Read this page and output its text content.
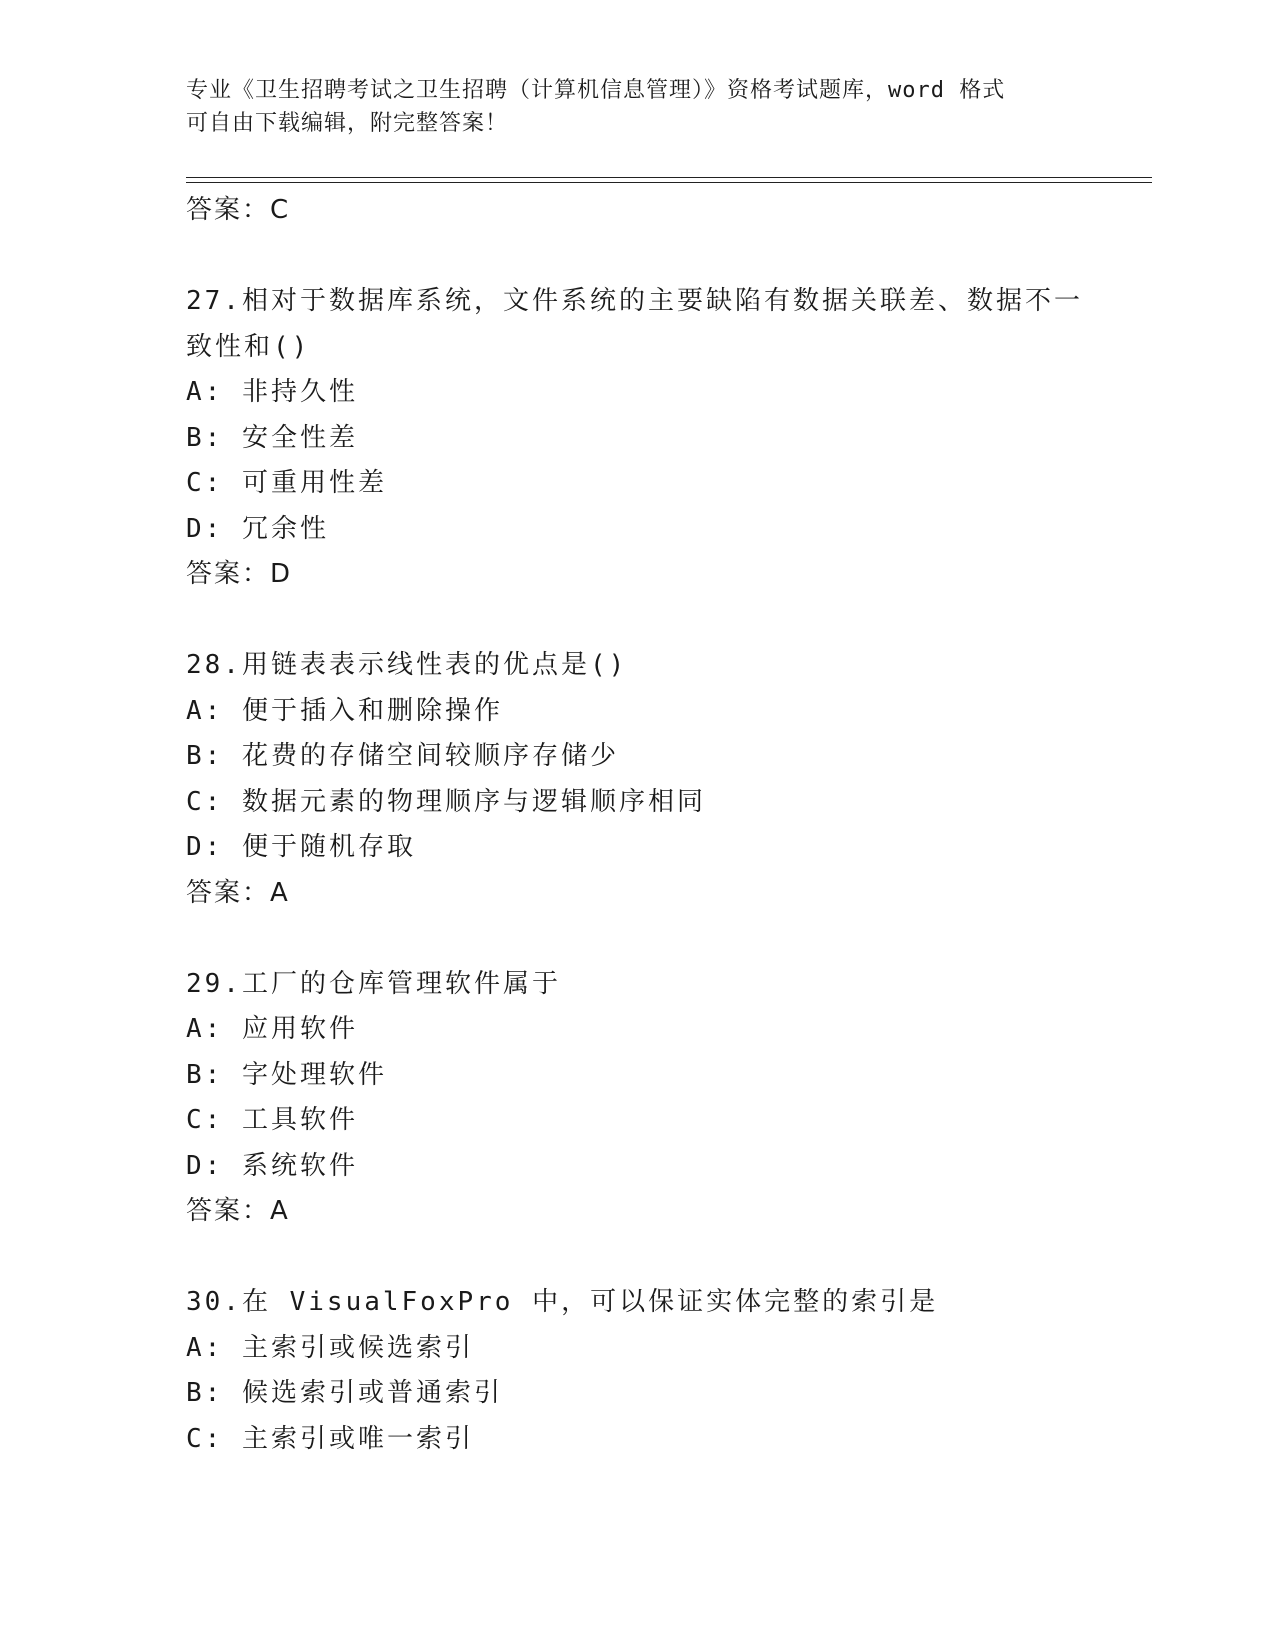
专业《卫生招聘考试之卫生招聘（计算机信息管理）》资格考试题库，word 格式
可自由下载编辑，附完整答案！
答案：C
27.相对于数据库系统，文件系统的主要缺陷有数据关联差、数据不一
致性和()
A: 非持久性
B: 安全性差
C: 可重用性差
D: 冗余性
答案：D
28.用链表表示线性表的优点是()
A: 便于插入和删除操作
B: 花费的存储空间较顺序存储少
C: 数据元素的物理顺序与逻辑顺序相同
D: 便于随机存取
答案：A
29.工厂的仓库管理软件属于
A: 应用软件
B: 字处理软件
C: 工具软件
D: 系统软件
答案：A
30.在 VisualFoxPro 中，可以保证实体完整的索引是
A: 主索引或候选索引
B: 候选索引或普通索引
C: 主索引或唯一索引
